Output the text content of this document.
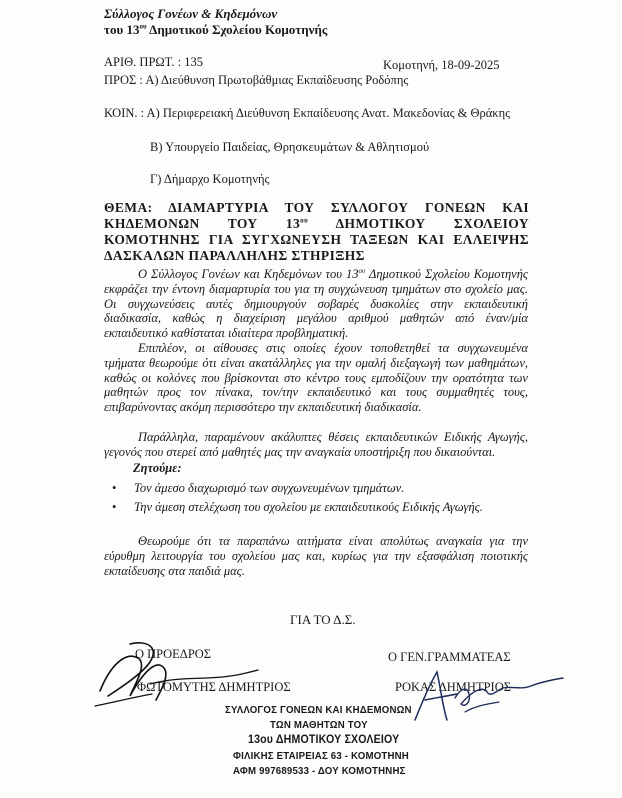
Σύλλογος Γονέων & Κηδεμόνων
του $13^{o\upsilon}$ Δημοτικού Σχολείου Κομοτηνής
ΑΡΙΘ. ΠΡΩΤ. : 135	Κομοτηνή, 18-09-2025
ΠΡΟΣ : Α) Διεύθυνση Πρωτοβάθμιας Εκπαίδευσης Ροδόπης
ΚΟΙΝ. : Α) Περιφερειακή Διεύθυνση Εκπαίδευσης Ανατ. Μακεδονίας & Θράκης
Β) Υπουργείο Παιδείας, Θρησκευμάτων & Αθλητισμού
Γ) Δήμαρχο Κομοτηνής
ΘΕΜΑ: ΔΙΑΜΑΡΤΥΡΙΑ ΤΟΥ ΣΥΛΛΟΓΟΥ ΓΟΝΕΩΝ ΚΑΙ ΚΗΔΕΜΟΝΩΝ ΤΟΥ $13^{o\upsilon}$ ΔΗΜΟΤΙΚΟΥ ΣΧΟΛΕΙΟΥ ΚΟΜΟΤΗΝΗΣ ΓΙΑ ΣΥΓΧΩΝΕΥΣΗ ΤΑΞΕΩΝ ΚΑΙ ΕΛΛΕΙΨΗΣ ΔΑΣΚΑΛΩΝ ΠΑΡΑΛΛΗΛΗΣ ΣΤΗΡΙΞΗΣ
Ο Σύλλογος Γονέων και Κηδεμόνων του $13^{o\upsilon}$ Δημοτικού Σχολείου Κομοτηνής εκφράζει την έντονη διαμαρτυρία του για τη συγχώνευση τμημάτων στο σχολείο μας. Οι συγχωνεύσεις αυτές δημιουργούν σοβαρές δυσκολίες στην εκπαιδευτική διαδικασία, καθώς η διαχείριση μεγάλου αριθμού μαθητών από έναν/μία εκπαιδευτικό καθίσταται ιδιαίτερα προβληματική.
Επιπλέον, οι αίθουσες στις οποίες έχουν τοποθετηθεί τα συγχωνευμένα τμήματα θεωρούμε ότι είναι ακατάλληλες για την ομαλή διεξαγωγή των μαθημάτων, καθώς οι κολόνες που βρίσκονται στο κέντρο τους εμποδίζουν την ορατότητα των μαθητών προς τον πίνακα, τον/την εκπαιδευτικό και τους συμμαθητές τους, επιβαρύνοντας ακόμη περισσότερο την εκπαιδευτική διαδικασία.
Παράλληλα, παραμένουν ακάλυπτες θέσεις εκπαιδευτικών Ειδικής Αγωγής, γεγονός που στερεί από μαθητές μας την αναγκαία υποστήριξη που δικαιούνται.
Ζητούμε:
• Τον άμεσο διαχωρισμό των συγχωνευμένων τμημάτων.
• Την άμεση στελέχωση του σχολείου με εκπαιδευτικούς Ειδικής Αγωγής.
Θεωρούμε ότι τα παραπάνω αιτήματα είναι απολύτως αναγκαία για την εύρυθμη λειτουργία του σχολείου μας και, κυρίως για την εξασφάλιση ποιοτικής εκπαίδευσης στα παιδιά μας.
ΓΙΑ ΤΟ Δ.Σ.
Ο ΠΡΟΕΔΡΟΣ	Ο ΓΕΝ.ΓΡΑΜΜΑΤΕΑΣ
ΦΩΤΟΜΥΤΗΣ ΔΗΜΗΤΡΙΟΣ	ΡΟΚΑΣ ΔΗΜΗΤΡΙΟΣ
ΣΥΛΛΟΓΟΣ ΓΟΝΕΩΝ ΚΑΙ ΚΗΔΕΜΟΝΩΝ
ΤΩΝ ΜΑΘΗΤΩΝ ΤΟΥ
13ου ΔΗΜΟΤΙΚΟΥ ΣΧΟΛΕΙΟΥ
ΦΙΛΙΚΗΣ ΕΤΑΙΡΕΙΑΣ 63 - ΚΟΜΟΤΗΝΗ
ΑΦΜ 997689533 - ΔΟΥ ΚΟΜΟΤΗΝΗΣ
